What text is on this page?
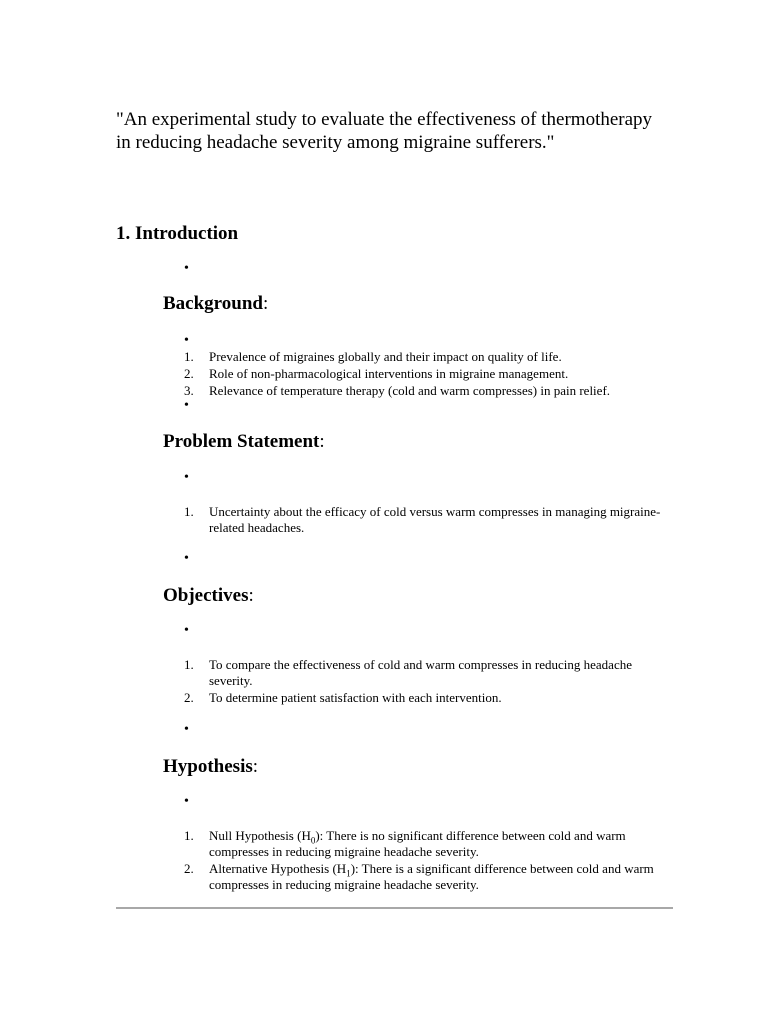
"An experimental study to evaluate the effectiveness of thermotherapy in reducing headache severity among migraine sufferers."

1. Introduction
•
Background:
•
1. Prevalence of migraines globally and their impact on quality of life.
2. Role of non-pharmacological interventions in migraine management.
3. Relevance of temperature therapy (cold and warm compresses) in pain relief.
•
Problem Statement:
•
1. Uncertainty about the efficacy of cold versus warm compresses in managing migraine-related headaches.
•
Objectives:
•
1. To compare the effectiveness of cold and warm compresses in reducing headache severity.
2. To determine patient satisfaction with each intervention.
•
Hypothesis:
•
1. Null Hypothesis $(H_0)$: There is no significant difference between cold and warm compresses in reducing migraine headache severity.
2. Alternative Hypothesis $(H_1)$: There is a significant difference between cold and warm compresses in reducing migraine headache severity.
